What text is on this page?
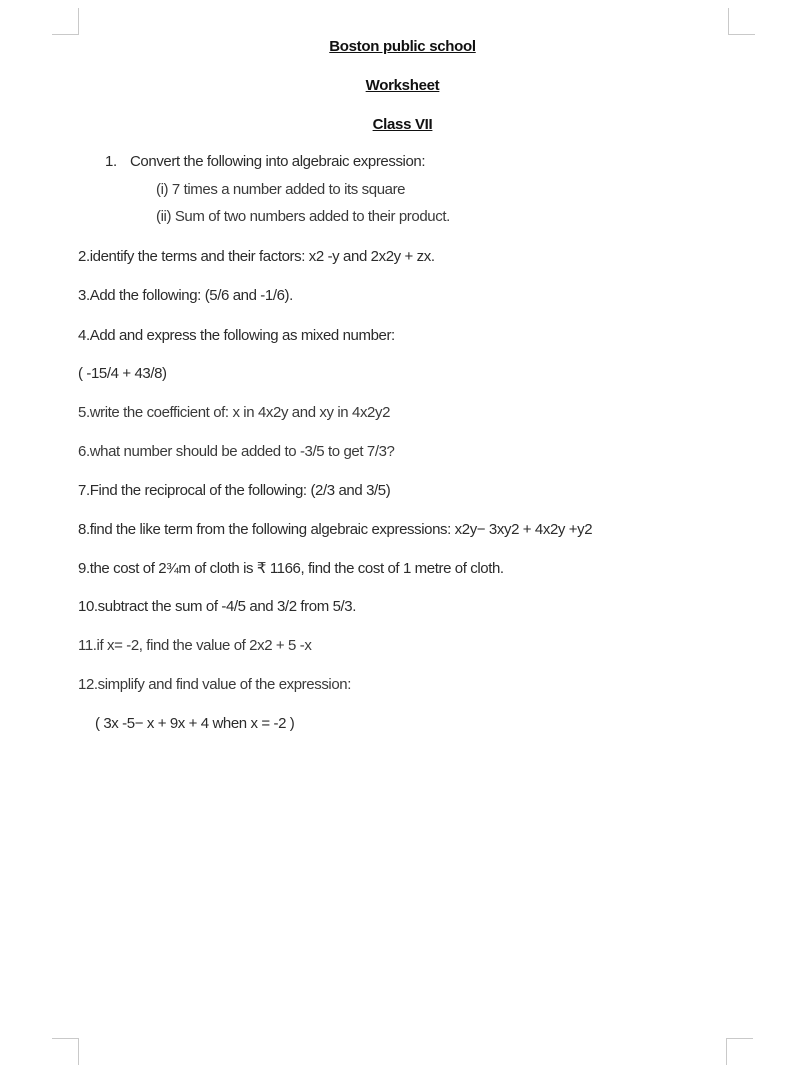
Boston public school
Worksheet
Class VII
1. Convert the following into algebraic expression:
(i) 7 times a number added to its square
(ii) Sum of two numbers added to their product.
2.identify the terms and their factors: x2 -y and 2x2y + zx.
3.Add the following: (5/6 and -1/6).
4.Add and express the following as mixed number:
( -15/4 + 43/8)
5.write the coefficient of: x in 4x2y and xy in 4x2y2
6.what number should be added to -3/5 to get 7/3?
7.Find the reciprocal of the following: (2/3 and 3/5)
8.find the like term from the following algebraic expressions: x2y− 3xy2 + 4x2y +y2
9.the cost of 2¾m of cloth is ₹ 1166, find the cost of 1 metre of cloth.
10.subtract the sum of -4/5 and 3/2 from 5/3.
11.if x= -2, find the value of 2x2 + 5 -x
12.simplify and find value of the expression:
( 3x -5− x + 9x + 4 when x = -2 )
